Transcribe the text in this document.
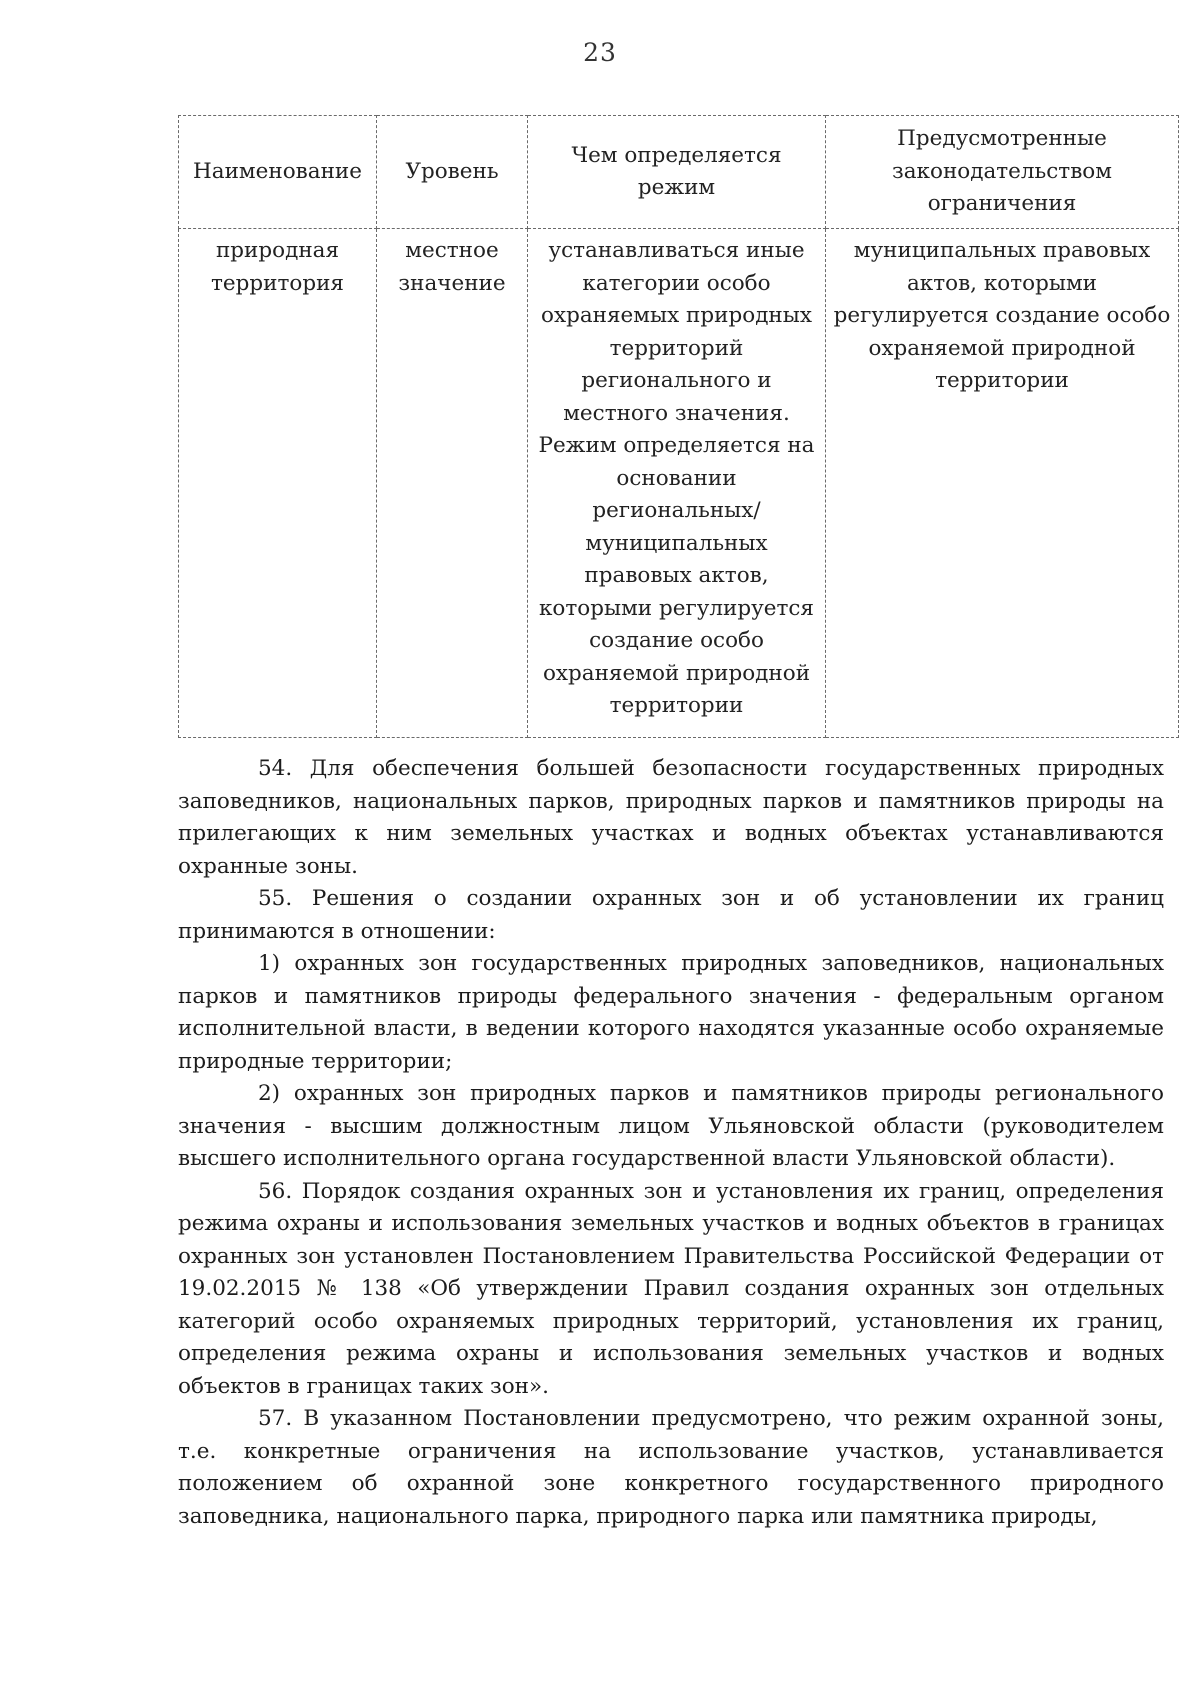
23
Наименование	Уровень	Чем определяется режим	Предусмотренные законодательством ограничения
природная территория	местное значение	устанавливаться иные категории особо охраняемых природных территорий регионального и местного значения. Режим определяется на основании региональных/ муниципальных правовых актов, которыми регулируется создание особо охраняемой природной территории	муниципальных правовых актов, которыми регулируется создание особо охраняемой природной территории

54. Для обеспечения большей безопасности государственных природных заповедников, национальных парков, природных парков и памятников природы на прилегающих к ним земельных участках и водных объектах устанавливаются охранные зоны.

55. Решения о создании охранных зон и об установлении их границ принимаются в отношении:

1) охранных зон государственных природных заповедников, национальных парков и памятников природы федерального значения - федеральным органом исполнительной власти, в ведении которого находятся указанные особо охраняемые природные территории;

2) охранных зон природных парков и памятников природы регионального значения - высшим должностным лицом Ульяновской области (руководителем высшего исполнительного органа государственной власти Ульяновской области).

56. Порядок создания охранных зон и установления их границ, определения режима охраны и использования земельных участков и водных объектов в границах охранных зон установлен Постановлением Правительства Российской Федерации от 19.02.2015 № 138 «Об утверждении Правил создания охранных зон отдельных категорий особо охраняемых природных территорий, установления их границ, определения режима охраны и использования земельных участков и водных объектов в границах таких зон».

57. В указанном Постановлении предусмотрено, что режим охранной зоны, т.е. конкретные ограничения на использование участков, устанавливается положением об охранной зоне конкретного государственного природного заповедника, национального парка, природного парка или памятника природы,
